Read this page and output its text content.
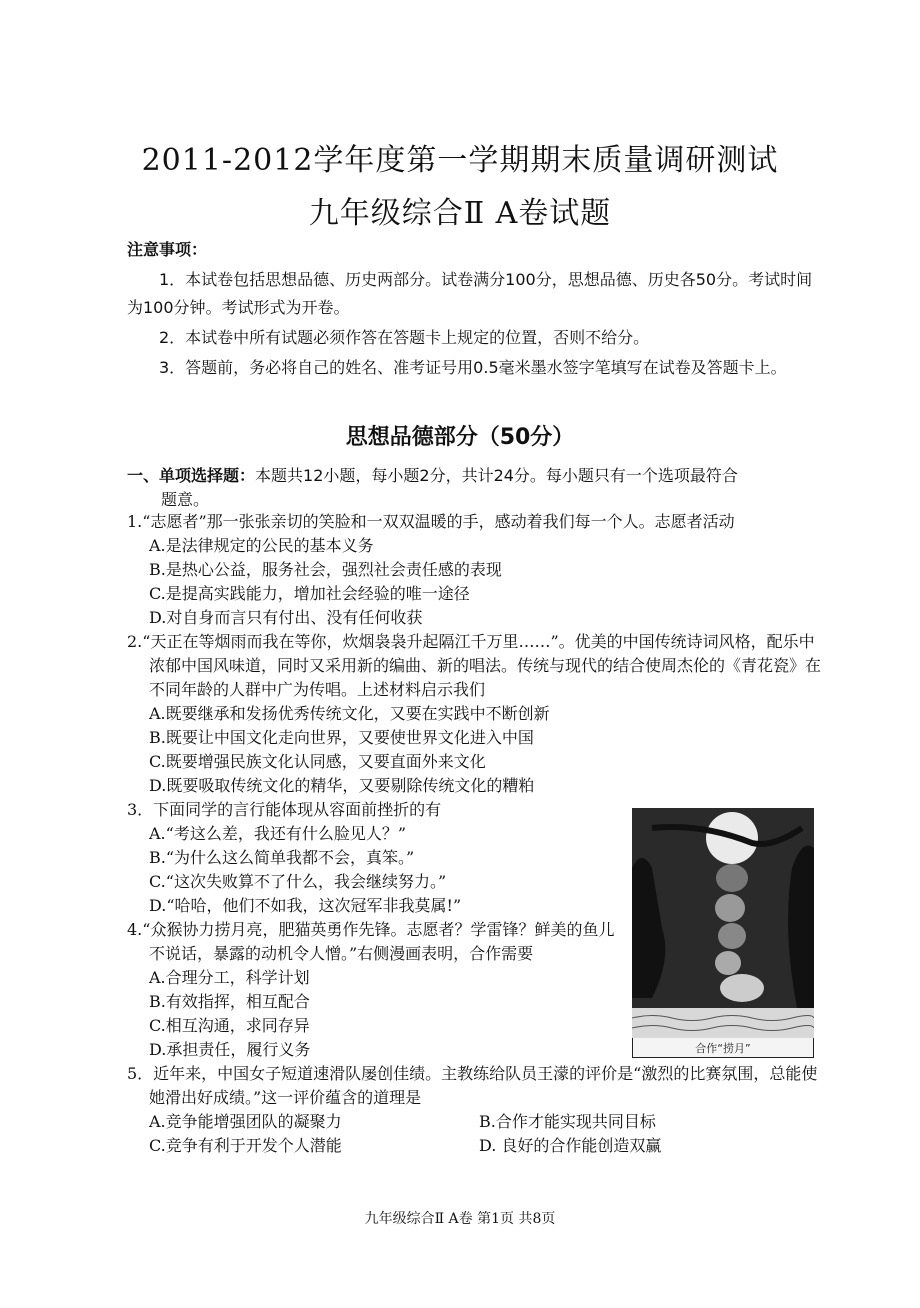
2011-2012学年度第一学期期末质量调研测试
九年级综合Ⅱ A卷试题
注意事项：

1．本试卷包括思想品德、历史两部分。试卷满分100分，思想品德、历史各50分。考试时间为100分钟。考试形式为开卷。

2．本试卷中所有试题必须作答在答题卡上规定的位置，否则不给分。

3．答题前，务必将自己的姓名、准考证号用0.5毫米墨水签字笔填写在试卷及答题卡上。

思想品德部分（50分）
一、单项选择题：本题共12小题，每小题2分，共计24分。每小题只有一个选项最符合
题意。
1.“志愿者”那一张张亲切的笑脸和一双双温暖的手，感动着我们每一个人。志愿者活动
A.是法律规定的公民的基本义务
B.是热心公益，服务社会，强烈社会责任感的表现
C.是提高实践能力，增加社会经验的唯一途径
D.对自身而言只有付出、没有任何收获
2.“天正在等烟雨而我在等你，炊烟袅袅升起隔江千万里……”。优美的中国传统诗词风格，配乐中浓郁中国风味道，同时又采用新的编曲、新的唱法。传统与现代的结合使周杰伦的《青花瓷》在不同年龄的人群中广为传唱。上述材料启示我们
A.既要继承和发扬优秀传统文化，又要在实践中不断创新
B.既要让中国文化走向世界，又要使世界文化进入中国
C.既要增强民族文化认同感，又要直面外来文化
D.既要吸取传统文化的精华，又要剔除传统文化的糟粕
3．下面同学的言行能体现从容面前挫折的有
A.“考这么差，我还有什么脸见人？”
B.“为什么这么简单我都不会，真笨。”
C.“这次失败算不了什么，我会继续努力。”
D.“哈哈，他们不如我，这次冠军非我莫属!”
4.“众猴协力捞月亮，肥猫英勇作先锋。志愿者？学雷锋？鲜美的鱼儿不说话，暴露的动机令人憎。”右侧漫画表明，合作需要
A.合理分工，科学计划
B.有效指挥，相互配合
C.相互沟通，求同存异
D.承担责任，履行义务
5．近年来，中国女子短道速滑队屡创佳绩。主教练给队员王濛的评价是“激烈的比赛氛围，总能使她滑出好成绩。”这一评价蕴含的道理是
A.竞争能增强团队的凝聚力	B.合作才能实现共同目标
C.竞争有利于开发个人潜能	D. 良好的合作能创造双赢
合作“捞月”
九年级综合Ⅱ A卷 第1页 共8页
